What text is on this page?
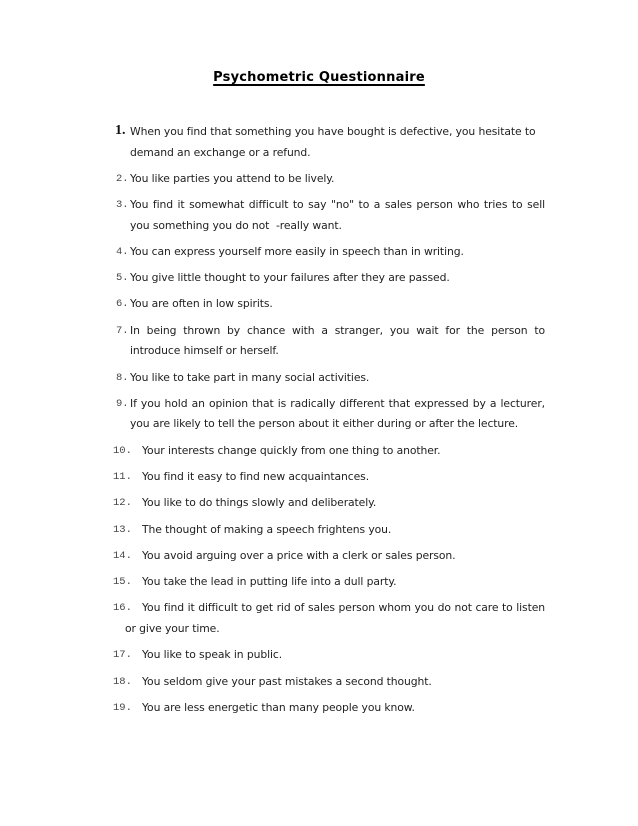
Psychometric Questionnaire
1. When you find that something you have bought is defective, you hesitate to
demand an exchange or a refund.
2. You like parties you attend to be lively.
3. You find it somewhat difficult to say "no" to a sales person who tries to sell
you something you do not  -really want.
4. You can express yourself more easily in speech than in writing.
5. You give little thought to your failures after they are passed.
6. You are often in low spirits.
7. In being thrown by chance with a stranger, you wait for the person to
introduce himself or herself.
8. You like to take part in many social activities.
9. If you hold an opinion that is radically different that expressed by a lecturer,
you are likely to tell the person about it either during or after the lecture.
10. Your interests change quickly from one thing to another.
11. You find it easy to find new acquaintances.
12. You like to do things slowly and deliberately.
13. The thought of making a speech frightens you.
14. You avoid arguing over a price with a clerk or sales person.
15. You take the lead in putting life into a dull party.
16. You find it difficult to get rid of sales person whom you do not care to listen
or give your time.
17. You like to speak in public.
18. You seldom give your past mistakes a second thought.
19. You are less energetic than many people you know.
